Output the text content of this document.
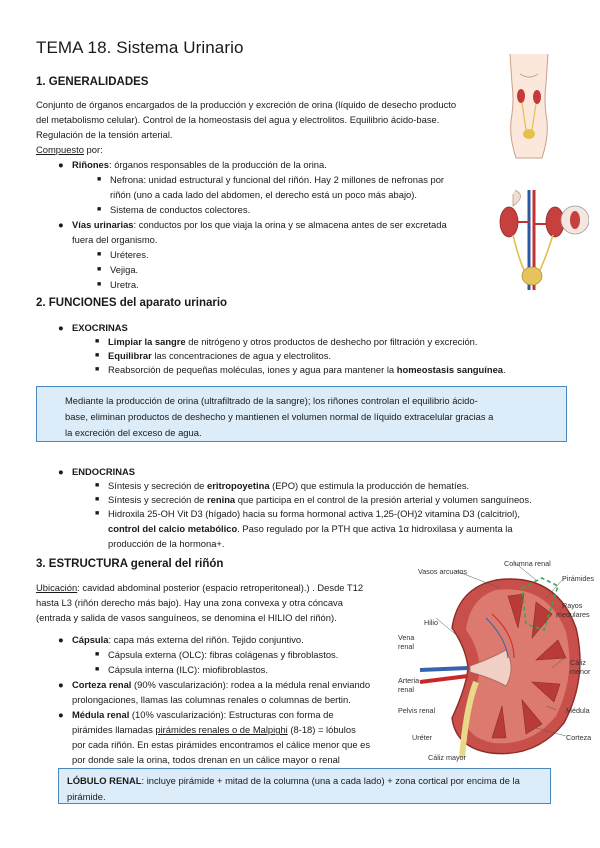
TEMA 18. Sistema Urinario
1. GENERALIDADES
Conjunto de órganos encargados de la producción y excreción de orina (líquido de desecho producto
del metabolismo celular). Control de la homeostasis del agua y electrolitos. Equilibrio ácido-base.
Regulación de la tensión arterial.
Compuesto por:
● Riñones: órganos responsables de la producción de la orina.
■ Nefrona: unidad estructural y funcional del riñón. Hay 2 millones de nefronas por
riñón (uno a cada lado del abdomen, el derecho está un poco más abajo).
■ Sistema de conductos colectores.
● Vías urinarias: conductos por los que viaja la orina y se almacena antes de ser excretada
fuera del organismo.
■ Uréteres.
■ Vejiga.
■ Uretra.
2. FUNCIONES del aparato urinario
● EXOCRINAS
■ Limpiar la sangre de nitrógeno y otros productos de deshecho por filtración y excreción.
■ Equilibrar las concentraciones de agua y electrolitos.
■ Reabsorción de pequeñas moléculas, iones y agua para mantener la homeostasis sanguínea.
Mediante la producción de orina (ultrafiltrado de la sangre); los riñones controlan el equilibrio ácido-
base, eliminan productos de deshecho y mantienen el volumen normal de líquido extracelular gracias a
la excreción del exceso de agua.
● ENDOCRINAS
■ Síntesis y secreción de eritropoyetina (EPO) que estimula la producción de hematíes.
■ Síntesis y secreción de renina que participa en el control de la presión arterial y volumen sanguíneos.
■ Hidroxila 25-OH Vit D3 (hígado) hacia su forma hormonal activa 1,25-(OH)2 vitamina D3 (calcitriol),
control del calcio metabólico. Paso regulado por la PTH que activa 1α hidroxilasa y aumenta la
producción de la hormona+.
3. ESTRUCTURA general del riñón
Ubicación: cavidad abdominal posterior (espacio retroperitoneal).) . Desde T12
hasta L3 (riñón derecho más bajo). Hay una zona convexa y otra cóncava
(entrada y salida de vasos sanguíneos, se denomina el HILIO del riñón).
● Cápsula: capa más externa del riñón. Tejido conjuntivo.
■ Cápsula externa (OLC): fibras colágenas y fibroblastos.
■ Cápsula interna (ILC): miofibroblastos.
● Corteza renal (90% vascularización): rodea a la médula renal enviando
prolongaciones, llamas las columnas renales o columnas de bertin.
● Médula renal (10% vascularización): Estructuras con forma de
pirámides llamadas pirámides renales o de Malpighi (8-18) = lóbulos
por cada riñón. En estas pirámides encontramos el cálice menor que es
por donde sale la orina, todos drenan en un cálice mayor o renal
LÓBULO RENAL: incluye pirámide + mitad de la columna (una a cada lado) + zona cortical por encima de la
pirámide.
Vasos arcuatos
Columna renal
Pirámides
Rayos
medulares
Hilio
Vena
renal
Cáliz
menor
Arteria
renal
Pelvis renal	Médula
Uréter	Corteza
Cáliz mayor
